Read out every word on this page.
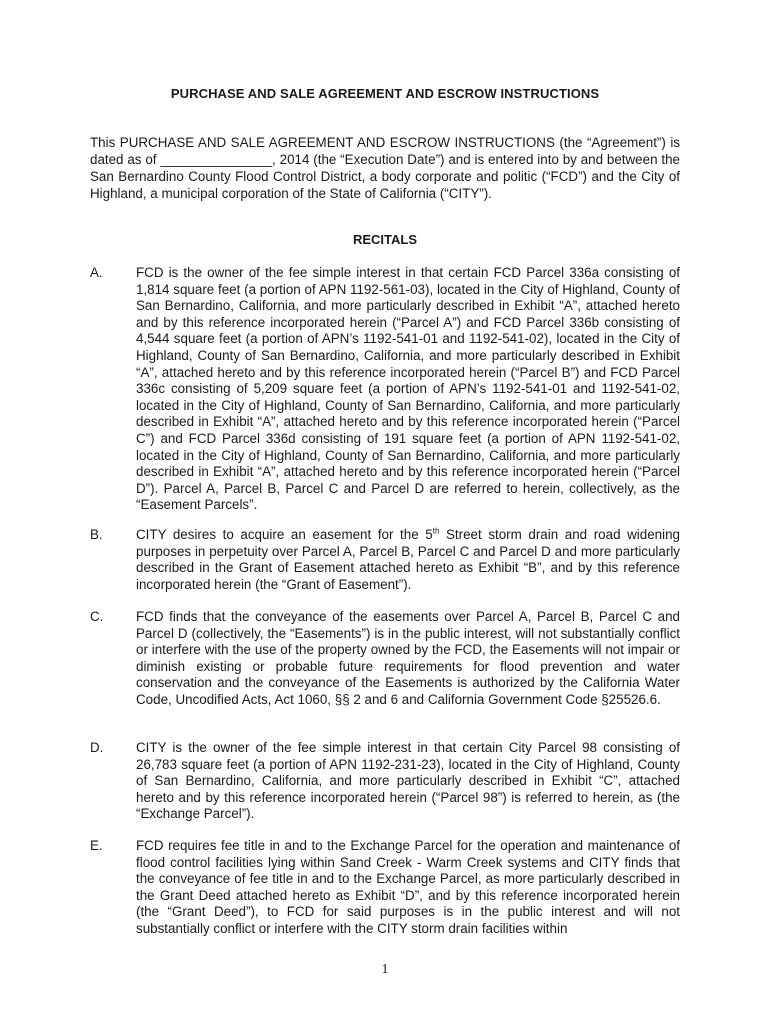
PURCHASE AND SALE AGREEMENT AND ESCROW INSTRUCTIONS
This PURCHASE AND SALE AGREEMENT AND ESCROW INSTRUCTIONS (the “Agreement”) is dated as of _______________, 2014 (the “Execution Date”) and is entered into by and between the San Bernardino County Flood Control District, a body corporate and politic (“FCD”) and the City of Highland, a municipal corporation of the State of California (“CITY”).
RECITALS
A.	FCD is the owner of the fee simple interest in that certain FCD Parcel 336a consisting of 1,814 square feet (a portion of APN 1192-561-03), located in the City of Highland, County of San Bernardino, California, and more particularly described in Exhibit “A”, attached hereto and by this reference incorporated herein (“Parcel A”) and FCD Parcel 336b consisting of 4,544 square feet (a portion of APN’s 1192-541-01 and 1192-541-02), located in the City of Highland, County of San Bernardino, California, and more particularly described in Exhibit “A”, attached hereto and by this reference incorporated herein (“Parcel B”) and FCD Parcel 336c consisting of 5,209 square feet (a portion of APN’s 1192-541-01 and 1192-541-02, located in the City of Highland, County of San Bernardino, California, and more particularly described in Exhibit “A”, attached hereto and by this reference incorporated herein (“Parcel C”) and FCD Parcel 336d consisting of 191 square feet (a portion of APN 1192-541-02, located in the City of Highland, County of San Bernardino, California, and more particularly described in Exhibit “A”, attached hereto and by this reference incorporated herein (“Parcel D”). Parcel A, Parcel B, Parcel C and Parcel D are referred to herein, collectively, as the “Easement Parcels”.
B.	CITY desires to acquire an easement for the 5th Street storm drain and road widening purposes in perpetuity over Parcel A, Parcel B, Parcel C and Parcel D and more particularly described in the Grant of Easement attached hereto as Exhibit “B”, and by this reference incorporated herein (the “Grant of Easement”).
C.	FCD finds that the conveyance of the easements over Parcel A, Parcel B, Parcel C and Parcel D (collectively, the “Easements”) is in the public interest, will not substantially conflict or interfere with the use of the property owned by the FCD, the Easements will not impair or diminish existing or probable future requirements for flood prevention and water conservation and the conveyance of the Easements is authorized by the California Water Code, Uncodified Acts, Act 1060, §§ 2 and 6 and California Government Code §25526.6.
D.	CITY is the owner of the fee simple interest in that certain City Parcel 98 consisting of 26,783 square feet (a portion of APN 1192-231-23), located in the City of Highland, County of San Bernardino, California, and more particularly described in Exhibit “C”, attached hereto and by this reference incorporated herein (“Parcel 98”) is referred to herein, as (the “Exchange Parcel”).
E.	FCD requires fee title in and to the Exchange Parcel for the operation and maintenance of flood control facilities lying within Sand Creek - Warm Creek systems and CITY finds that the conveyance of fee title in and to the Exchange Parcel, as more particularly described in the Grant Deed attached hereto as Exhibit “D”, and by this reference incorporated herein (the “Grant Deed”), to FCD for said purposes is in the public interest and will not substantially conflict or interfere with the CITY storm drain facilities within
1
